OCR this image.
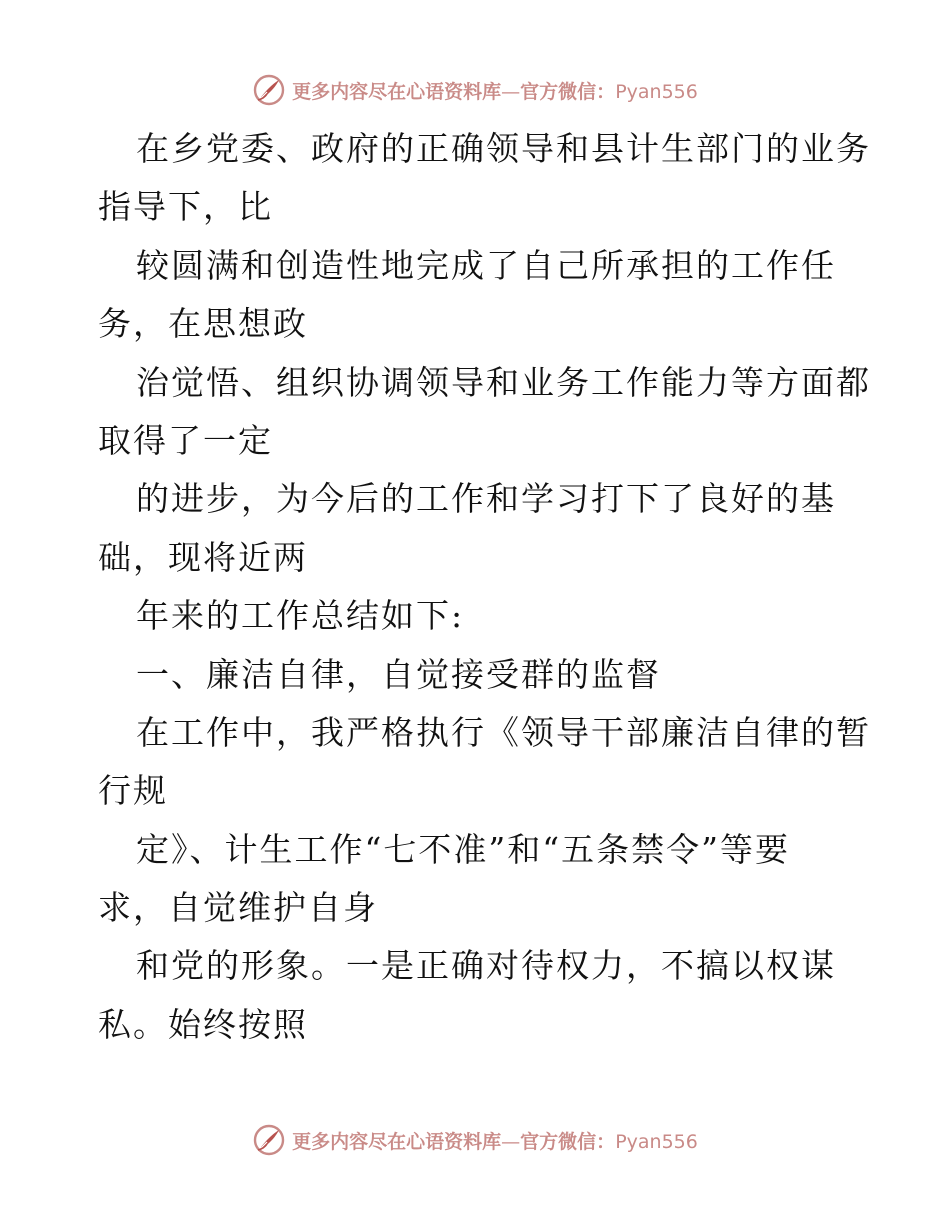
更多内容尽在心语资料库—官方微信：Pyan556
在乡党委、政府的正确领导和县计生部门的业务
指导下，比
较圆满和创造性地完成了自己所承担的工作任
务，在思想政
治觉悟、组织协调领导和业务工作能力等方面都
取得了一定
的进步，为今后的工作和学习打下了良好的基
础，现将近两
年来的工作总结如下:
一、廉洁自律，自觉接受群的监督
在工作中，我严格执行《领导干部廉洁自律的暂
行规
定》、计生工作“七不准”和“五条禁令”等要
求，自觉维护自身
和党的形象。一是正确对待权力，不搞以权谋
私。始终按照
更多内容尽在心语资料库—官方微信：Pyan556
